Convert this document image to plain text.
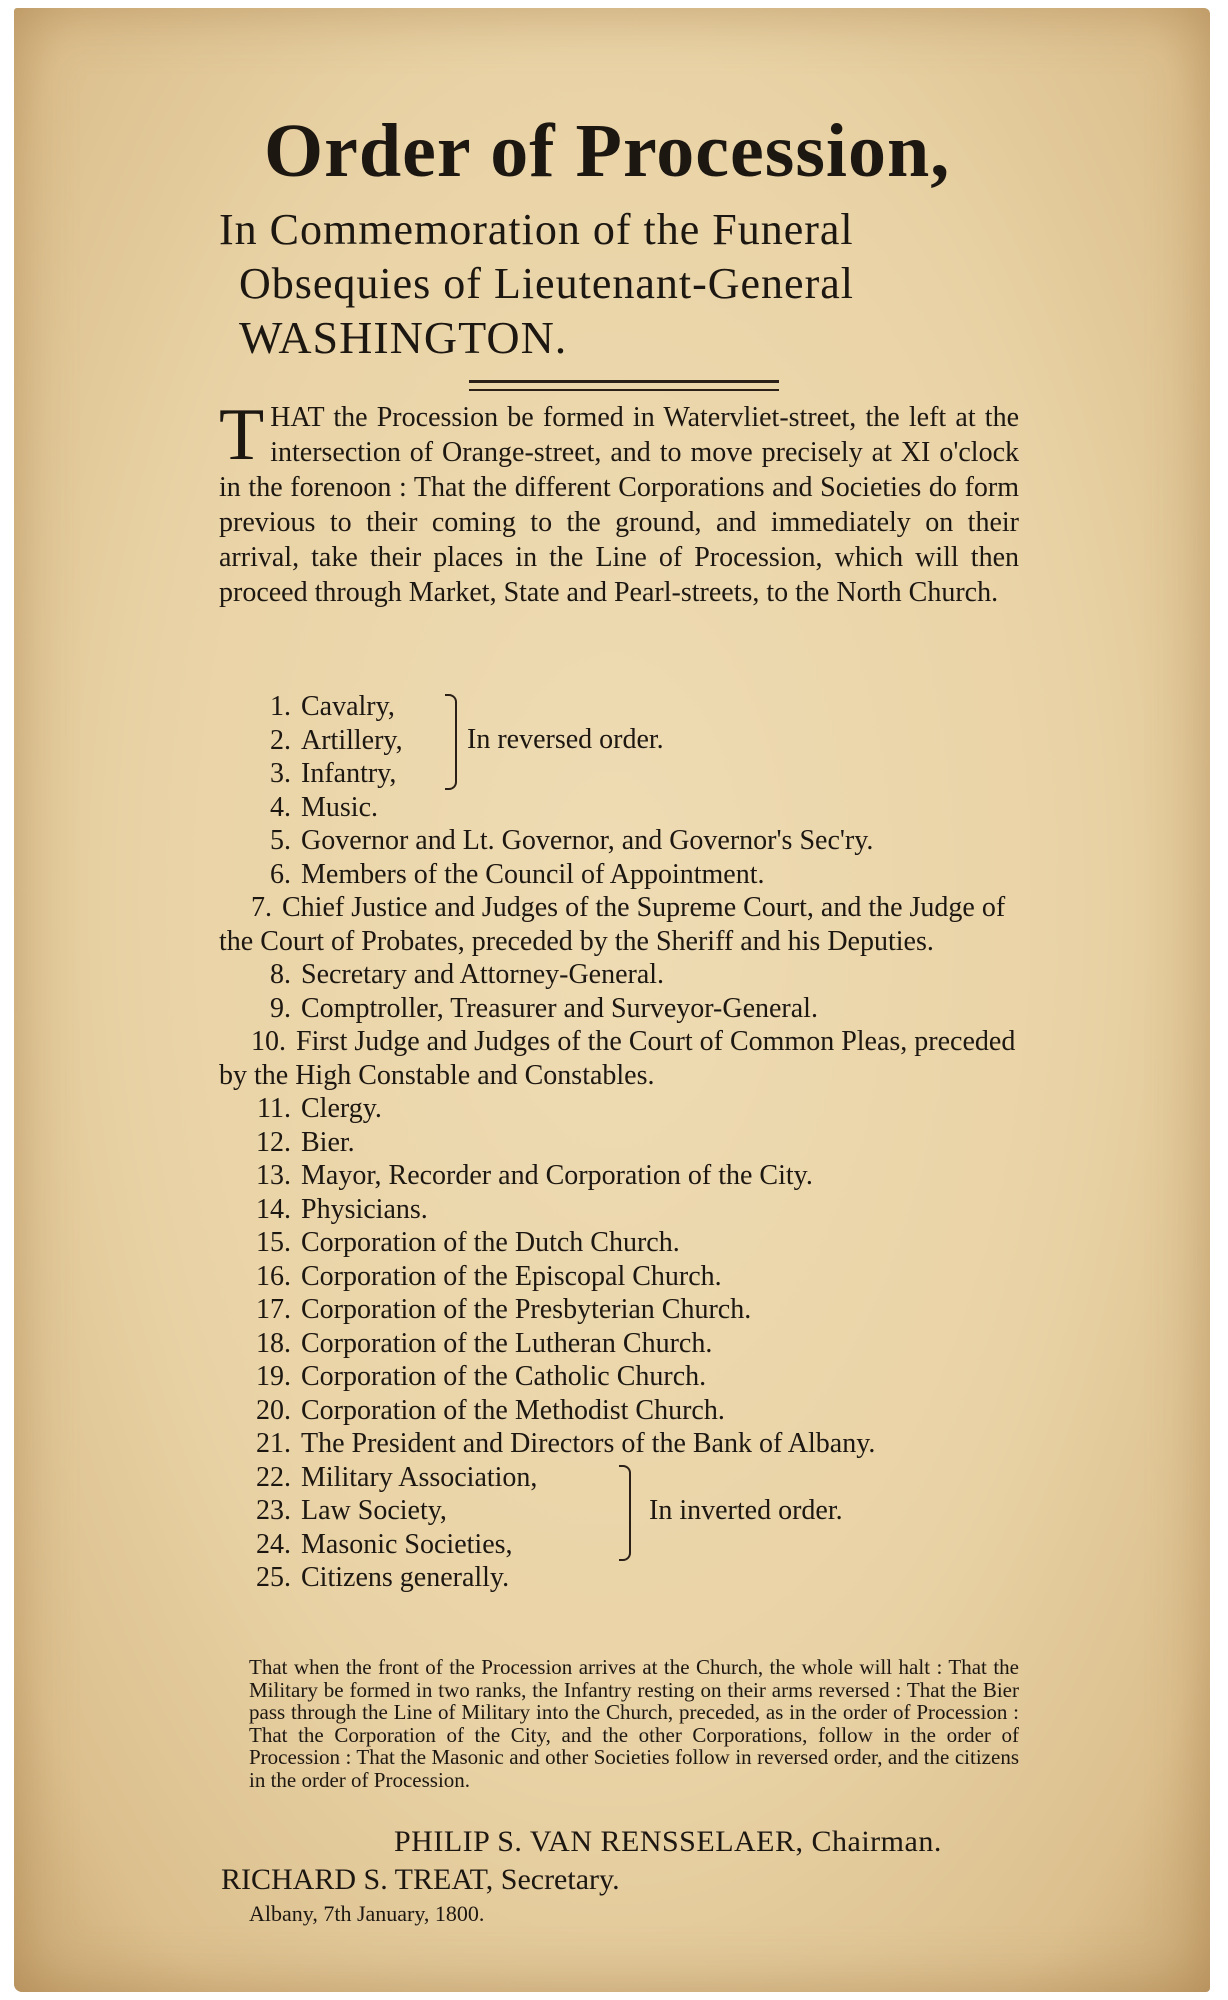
Order of Procession,
In Commemoration of the Funeral
Obsequies of Lieutenant-General
WASHINGTON.
THAT the Procession be formed in Watervliet-street, the left at the intersection of Orange-street, and to move precisely at XI o'clock in the forenoon : That the different Corporations and Societies do form previous to their coming to the ground, and immediately on their arrival, take their places in the Line of Procession, which will then proceed through Market, State and Pearl-streets, to the North Church.
1. Cavalry,
2. Artillery,
3. Infantry,
In reversed order.
4. Music.
5. Governor and Lt. Governor, and Governor's Sec'ry.
6. Members of the Council of Appointment.
7. Chief Justice and Judges of the Supreme Court, and the Judge of the Court of Probates, preceded by the Sheriff and his Deputies.
8. Secretary and Attorney-General.
9. Comptroller, Treasurer and Surveyor-General.
10. First Judge and Judges of the Court of Common Pleas, preceded by the High Constable and Constables.
11. Clergy.
12. Bier.
13. Mayor, Recorder and Corporation of the City.
14. Physicians.
15. Corporation of the Dutch Church.
16. Corporation of the Episcopal Church.
17. Corporation of the Presbyterian Church.
18. Corporation of the Lutheran Church.
19. Corporation of the Catholic Church.
20. Corporation of the Methodist Church.
21. The President and Directors of the Bank of Albany.
22. Military Association,
23. Law Society,
24. Masonic Societies,
In inverted order.
25. Citizens generally.
That when the front of the Procession arrives at the Church, the whole will halt : That the Military be formed in two ranks, the Infantry resting on their arms reversed : That the Bier pass through the Line of Military into the Church, preceded, as in the order of Procession : That the Corporation of the City, and the other Corporations, follow in the order of Procession : That the Masonic and other Societies follow in reversed order, and the citizens in the order of Procession.
PHILIP S. VAN RENSSELAER, Chairman.
RICHARD S. TREAT, Secretary.
Albany, 7th January, 1800.
